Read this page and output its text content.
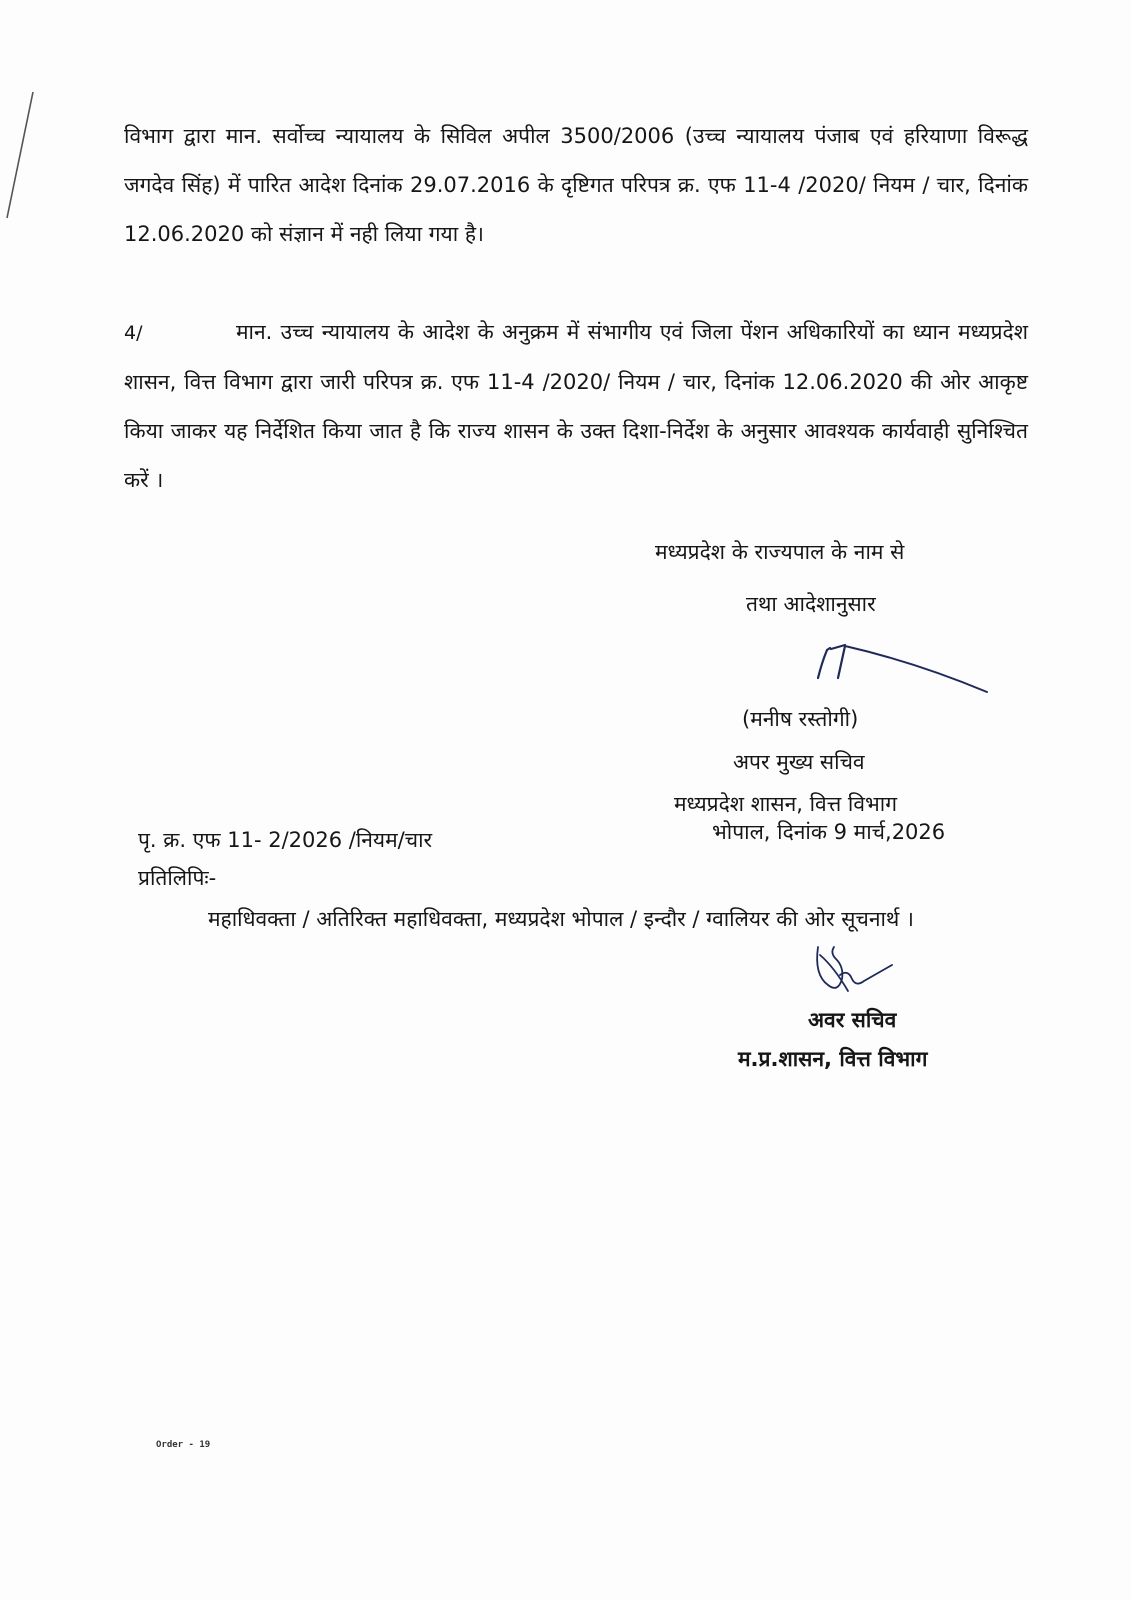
विभाग द्वारा मान. सर्वोच्च न्यायालय के सिविल अपील 3500/2006 (उच्च न्यायालय पंजाब एवं हरियाणा विरूद्ध जगदेव सिंह) में पारित आदेश दिनांक 29.07.2016 के दृष्टिगत परिपत्र क्र. एफ 11-4 /2020/ नियम / चार, दिनांक 12.06.2020 को संज्ञान में नही लिया गया है।

4/	मान. उच्च न्यायालय के आदेश के अनुक्रम में संभागीय एवं जिला पेंशन अधिकारियों का ध्यान मध्यप्रदेश शासन, वित्त विभाग द्वारा जारी परिपत्र क्र. एफ 11-4 /2020/ नियम / चार, दिनांक 12.06.2020 की ओर आकृष्ट किया जाकर यह निर्देशित किया जात है कि राज्य शासन के उक्त दिशा-निर्देश के अनुसार आवश्यक कार्यवाही सुनिश्चित करें ।

मध्यप्रदेश के राज्यपाल के नाम से

तथा आदेशानुसार

(मनीष रस्तोगी)

अपर मुख्य सचिव

मध्यप्रदेश शासन, वित्त विभाग

भोपाल, दिनांक 9 मार्च,2026

पृ. क्र. एफ 11- 2/2026 /नियम/चार
प्रतिलिपिः-

महाधिवक्ता / अतिरिक्त महाधिवक्ता, मध्यप्रदेश भोपाल / इन्दौर / ग्वालियर की ओर सूचनार्थ ।

अवर सचिव
म.प्र.शासन, वित्त विभाग
Order - 19
